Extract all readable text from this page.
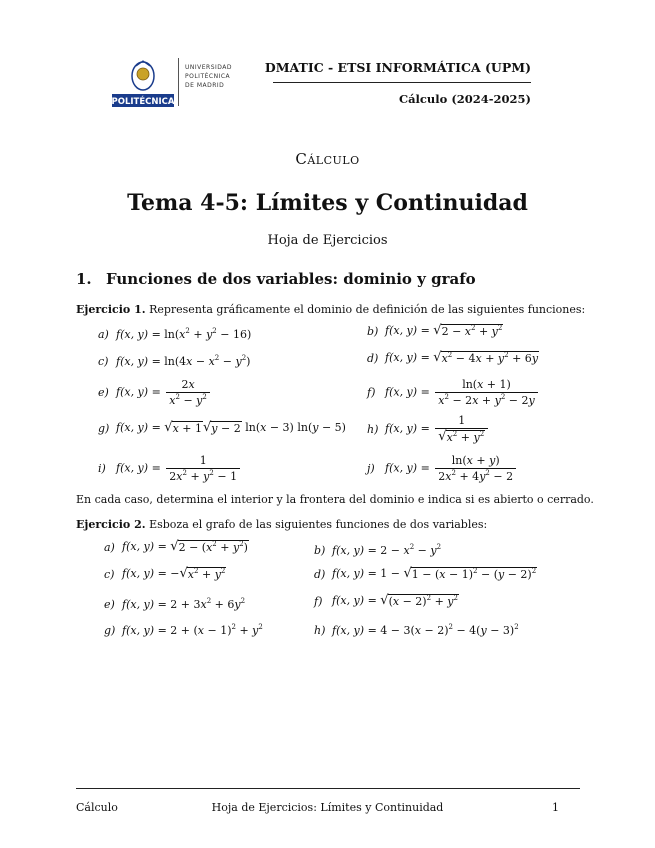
POLITÉCNICA
UNIVERSIDAD
POLITÉCNICA
DE MADRID
DMATIC - ETSI INFORMÁTICA (UPM)
Cálculo (2024-2025)
Cálculo
Tema 4-5: Límites y Continuidad
Hoja de Ejercicios
1. Funciones de dos variables: dominio y grafo
Ejercicio 1. Representa gráficamente el dominio de definición de las siguientes funciones:
a) f(x, $y) = \ln(x^2 + y^2 - 16)$	b) f(x, y) = √ $2 - x^2 + y^2$
c) f(x, $y) = \ln(4x - x^2 - y^2)$	d) f(x, y) = √ $x^2 - 4x + y^2 + 6y$
e) f(x, $y) = \frac{2x}{x^2 - y^2}$	f) f(x, $y) = \frac{\ln(x + 1)}{x^2 - 2x + y^2 - 2y}$
g) f(x, y) = √ x + 1 √ y − 2 ln(x − 3) ln(y − 5) h) f(x, $y) = \frac{1}{√ x^2 + y^2}$
i) f(x, $y) = \frac{1}{2x^2 + y^2 - 1}$	j) f(x, $y) = \frac{\ln(x + y)}{2x^2 + 4y^2 - 2}$
En cada caso, determina el interior y la frontera del dominio e indica si es abierto o cerrado.
Ejercicio 2. Esboza el grafo de las siguientes funciones de dos variables:
a) f(x, y) = √ $2 - (x^2 + y^2)$	b) f(x, $y) = 2 - x^2 - y^2$
c) f(x, y) = − √ $x^2 + y^2$	d) f(x, y) = 1 − √ $1 - (x - 1)^2 - (y - 2)^2$
e) f(x, $y) = 2 + 3x^2 + 6y^2$	f) f(x, y) = √ $(x - 2)^2 + y^2$
g) f(x, $y) = 2 + (x - 1)^2 + y^2$	h) f(x, $y) = 4 - 3(x - 2)^2 - 4(y - 3)^2$
Cálculo	Hoja de Ejercicios: Límites y Continuidad	1
